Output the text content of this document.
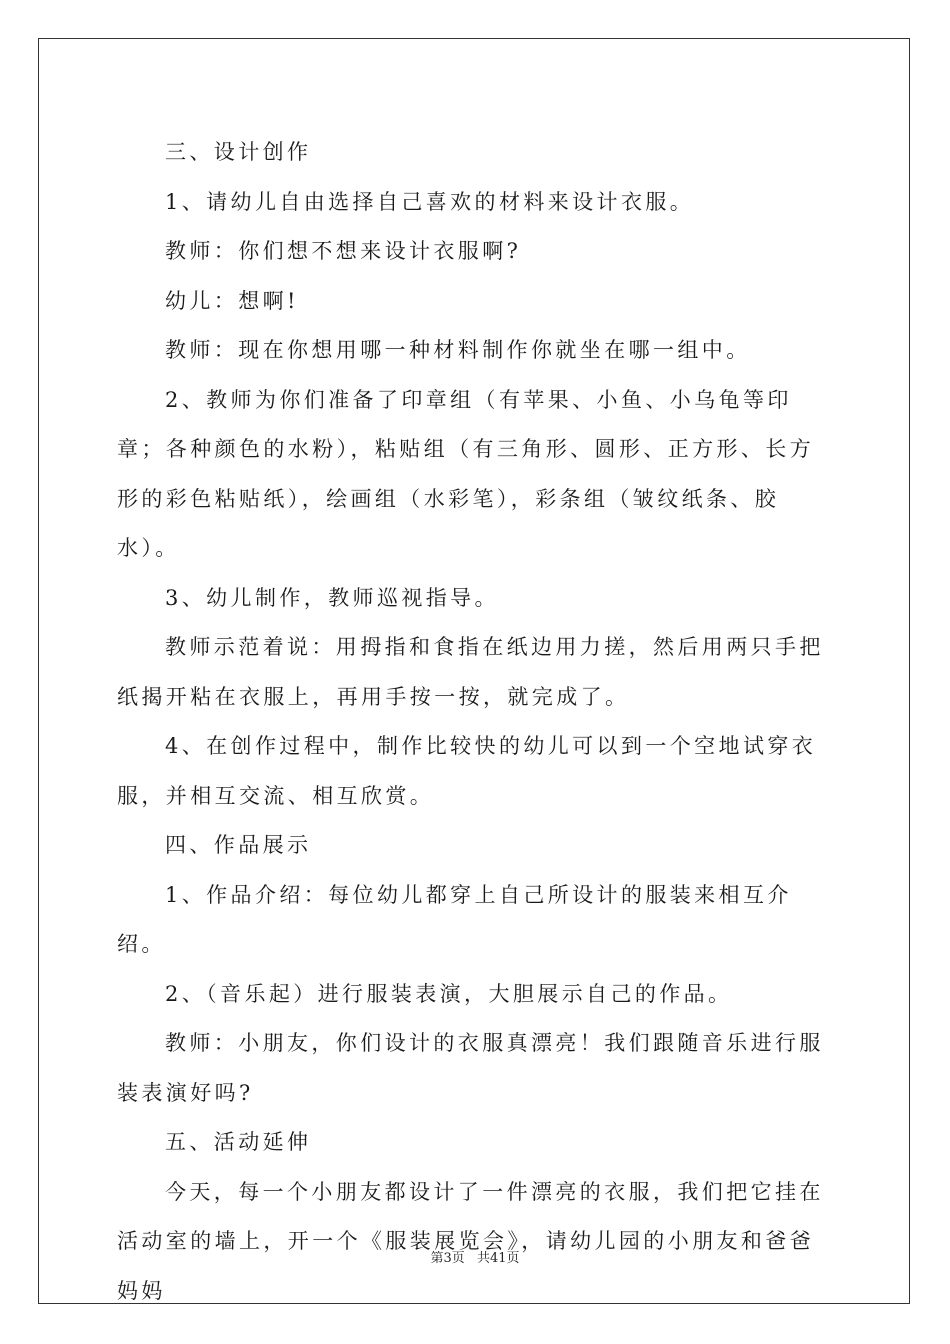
三、设计创作

1、请幼儿自由选择自己喜欢的材料来设计衣服。

教师：你们想不想来设计衣服啊?

幼儿：想啊!

教师：现在你想用哪一种材料制作你就坐在哪一组中。

2、教师为你们准备了印章组（有苹果、小鱼、小乌龟等印章；各种颜色的水粉），粘贴组（有三角形、圆形、正方形、长方形的彩色粘贴纸），绘画组（水彩笔），彩条组（皱纹纸条、胶水）。

3、幼儿制作，教师巡视指导。

教师示范着说：用拇指和食指在纸边用力搓，然后用两只手把纸揭开粘在衣服上，再用手按一按，就完成了。

4、在创作过程中，制作比较快的幼儿可以到一个空地试穿衣服，并相互交流、相互欣赏。

四、作品展示

1、作品介绍：每位幼儿都穿上自己所设计的服装来相互介绍。

2、（音乐起）进行服装表演，大胆展示自己的作品。

教师：小朋友，你们设计的衣服真漂亮！我们跟随音乐进行服装表演好吗?

五、活动延伸

今天，每一个小朋友都设计了一件漂亮的衣服，我们把它挂在活动室的墙上，开一个《服装展览会》，请幼儿园的小朋友和爸爸妈妈

第3页 共41页
